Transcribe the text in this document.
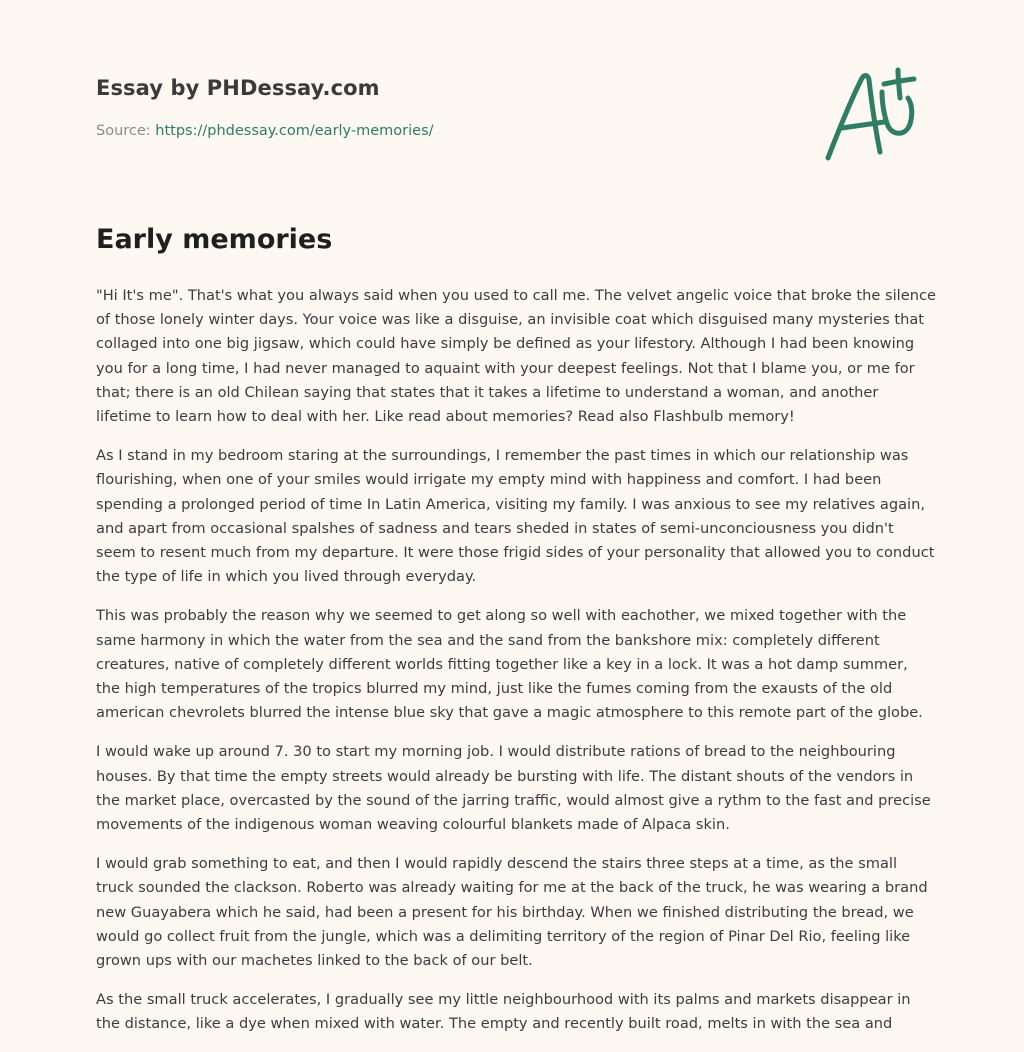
Essay by PHDessay.com
Source: https://phdessay.com/early-memories/
Early memories

"Hi It's me". That's what you always said when you used to call me. The velvet angelic voice that broke the silence of those lonely winter days. Your voice was like a disguise, an invisible coat which disguised many mysteries that collaged into one big jigsaw, which could have simply be defined as your lifestory. Although I had been knowing you for a long time, I had never managed to aquaint with your deepest feelings. Not that I blame you, or me for that; there is an old Chilean saying that states that it takes a lifetime to understand a woman, and another lifetime to learn how to deal with her. Like read about memories? Read also Flashbulb memory!

As I stand in my bedroom staring at the surroundings, I remember the past times in which our relationship was flourishing, when one of your smiles would irrigate my empty mind with happiness and comfort. I had been spending a prolonged period of time In Latin America, visiting my family. I was anxious to see my relatives again, and apart from occasional spalshes of sadness and tears sheded in states of semi-unconciousness you didn't seem to resent much from my departure. It were those frigid sides of your personality that allowed you to conduct the type of life in which you lived through everyday.

This was probably the reason why we seemed to get along so well with eachother, we mixed together with the same harmony in which the water from the sea and the sand from the bankshore mix: completely different creatures, native of completely different worlds fitting together like a key in a lock. It was a hot damp summer, the high temperatures of the tropics blurred my mind, just like the fumes coming from the exausts of the old american chevrolets blurred the intense blue sky that gave a magic atmosphere to this remote part of the globe.

I would wake up around 7. 30 to start my morning job. I would distribute rations of bread to the neighbouring houses. By that time the empty streets would already be bursting with life. The distant shouts of the vendors in the market place, overcasted by the sound of the jarring traffic, would almost give a rythm to the fast and precise movements of the indigenous woman weaving colourful blankets made of Alpaca skin.

I would grab something to eat, and then I would rapidly descend the stairs three steps at a time, as the small truck sounded the clackson. Roberto was already waiting for me at the back of the truck, he was wearing a brand new Guayabera which he said, had been a present for his birthday. When we finished distributing the bread, we would go collect fruit from the jungle, which was a delimiting territory of the region of Pinar Del Rio, feeling like grown ups with our machetes linked to the back of our belt.

As the small truck accelerates, I gradually see my little neighbourhood with its palms and markets disappear in the distance, like a dye when mixed with water. The empty and recently built road, melts in with the sea and
